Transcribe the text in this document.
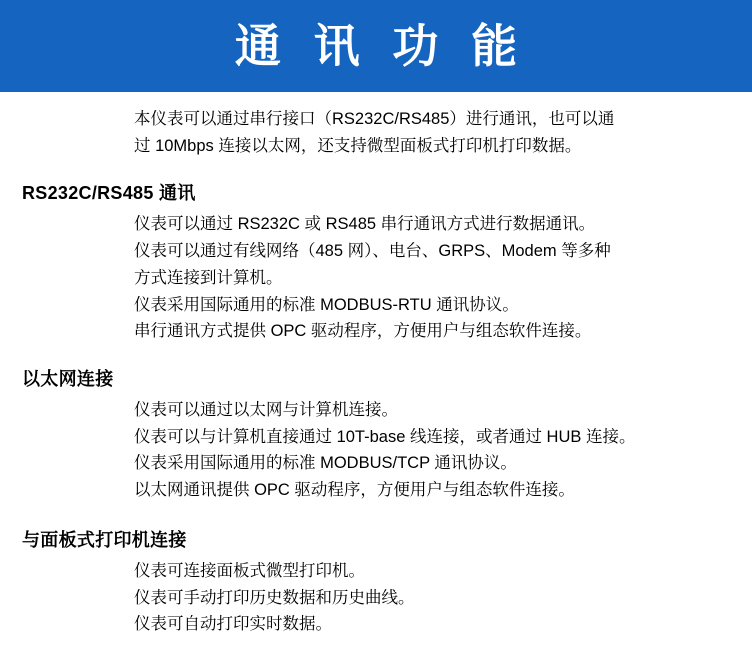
通 讯 功 能

本仪表可以通过串行接口（RS232C/RS485）进行通讯，也可以通

过 10Mbps 连接以太网，还支持微型面板式打印机打印数据。

RS232C/RS485 通讯

仪表可以通过 RS232C 或 RS485 串行通讯方式进行数据通讯。

仪表可以通过有线网络（485 网）、电台、GRPS、Modem 等多种

方式连接到计算机。

仪表采用国际通用的标准 MODBUS-RTU 通讯协议。

串行通讯方式提供 OPC 驱动程序，方便用户与组态软件连接。

以太网连接

仪表可以通过以太网与计算机连接。

仪表可以与计算机直接通过 10T-base 线连接，或者通过 HUB 连接。

仪表采用国际通用的标准 MODBUS/TCP 通讯协议。

以太网通讯提供 OPC 驱动程序，方便用户与组态软件连接。

与面板式打印机连接

仪表可连接面板式微型打印机。

仪表可手动打印历史数据和历史曲线。

仪表可自动打印实时数据。
